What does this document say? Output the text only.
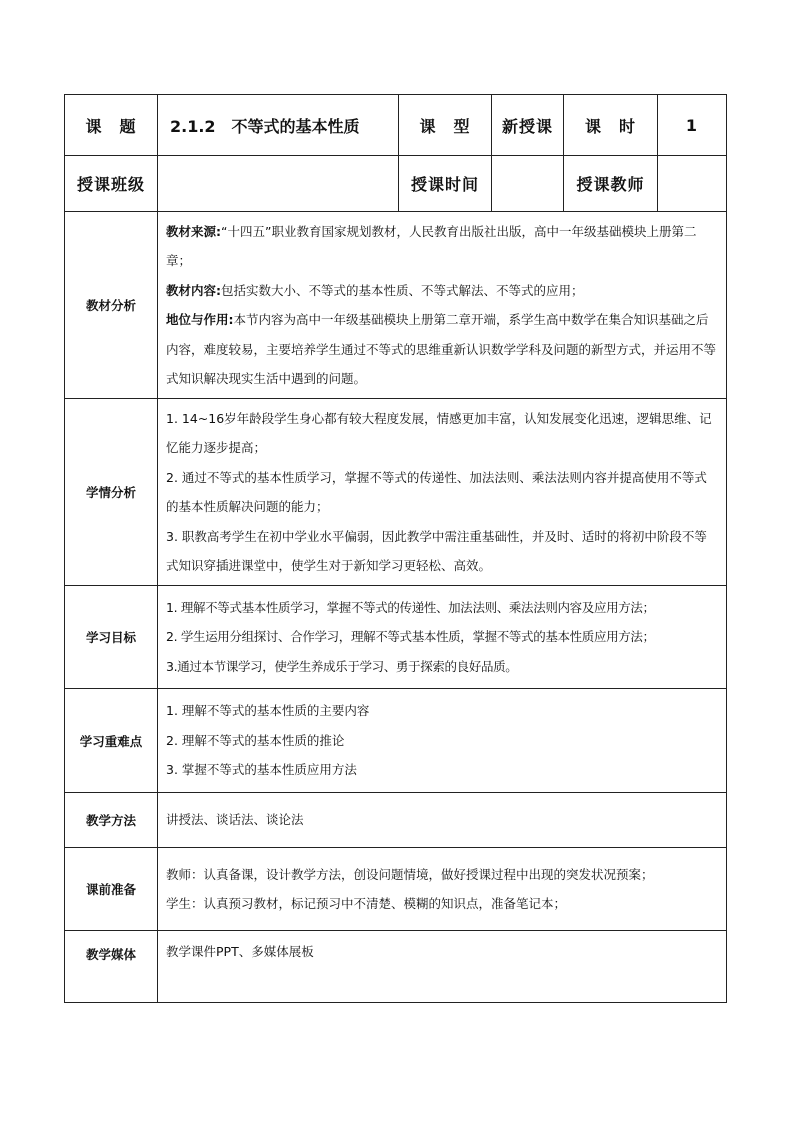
课　题	2.1.2　不等式的基本性质	课　型	新授课	课　时	1
授课班级		授课时间		授课教师	
教材分析	教材来源:“十四五”职业教育国家规划教材，人民教育出版社出版，高中一年级基础模块上册第二章；

教材内容:包括实数大小、不等式的基本性质、不等式解法、不等式的应用；

地位与作用:本节内容为高中一年级基础模块上册第二章开端，系学生高中数学在集合知识基础之后内容，难度较易，主要培养学生通过不等式的思维重新认识数学学科及问题的新型方式，并运用不等式知识解决现实生活中遇到的问题。				

学情分析	1. 14~16岁年龄段学生身心都有较大程度发展，情感更加丰富，认知发展变化迅速，逻辑思维、记忆能力逐步提高；

2. 通过不等式的基本性质学习，掌握不等式的传递性、加法法则、乘法法则内容并提高使用不等式的基本性质解决问题的能力；

3. 职教高考学生在初中学业水平偏弱，因此教学中需注重基础性，并及时、适时的将初中阶段不等式知识穿插进课堂中，使学生对于新知学习更轻松、高效。				

学习目标	1. 理解不等式基本性质学习，掌握不等式的传递性、加法法则、乘法法则内容及应用方法；

2. 学生运用分组探讨、合作学习，理解不等式基本性质，掌握不等式的基本性质应用方法；

3.通过本节课学习，使学生养成乐于学习、勇于探索的良好品质。				

学习重难点	1. 理解不等式的基本性质的主要内容

2. 理解不等式的基本性质的推论

3. 掌握不等式的基本性质应用方法				

教学方法	讲授法、谈话法、谈论法				

课前准备	教师：认真备课，设计教学方法，创设问题情境，做好授课过程中出现的突发状况预案；

学生：认真预习教材，标记预习中不清楚、模糊的知识点，准备笔记本；				

教学媒体	教学课件PPT、多媒体展板				
